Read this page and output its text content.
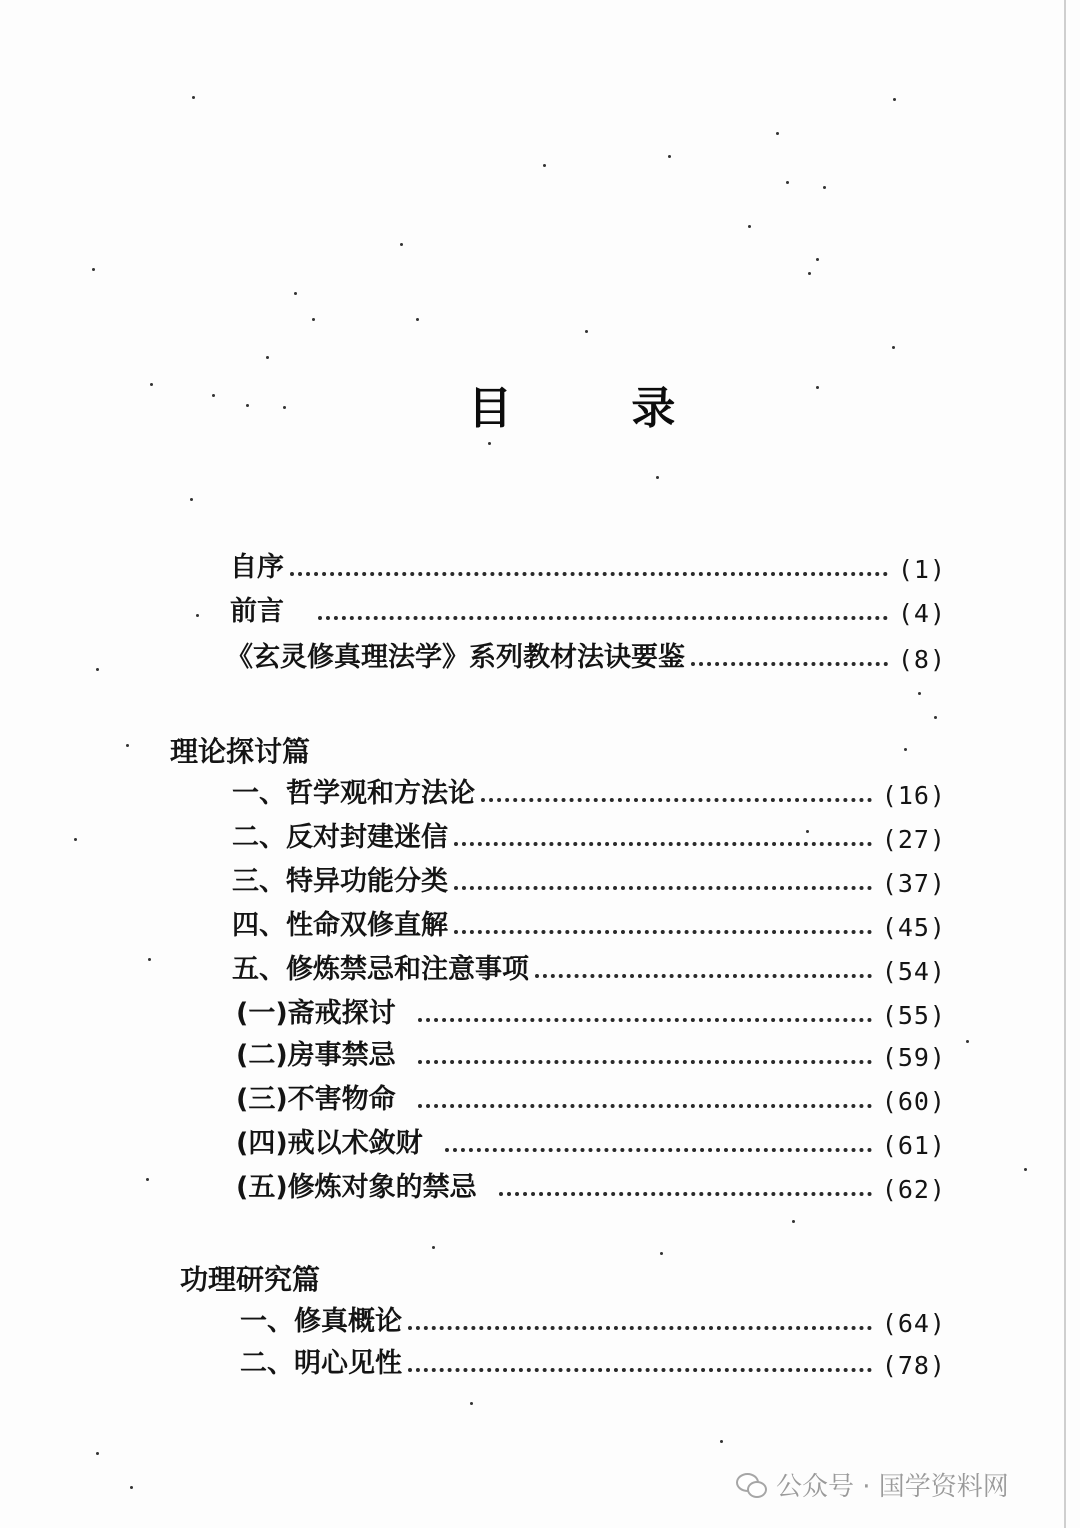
目 录
自序	(1)
前言	(4)
《玄灵修真理法学》系列教材法诀要鉴	(8)
理论探讨篇
一、哲学观和方法论	(16)
二、反对封建迷信	(27)
三、特异功能分类	(37)
四、性命双修直解	(45)
五、修炼禁忌和注意事项	(54)
(一)斋戒探讨	(55)
(二)房事禁忌	(59)
(三)不害物命	(60)
(四)戒以术敛财	(61)
(五)修炼对象的禁忌	(62)
功理研究篇
一、修真概论	(64)
二、明心见性	(78)
公众号 · 国学资料网
